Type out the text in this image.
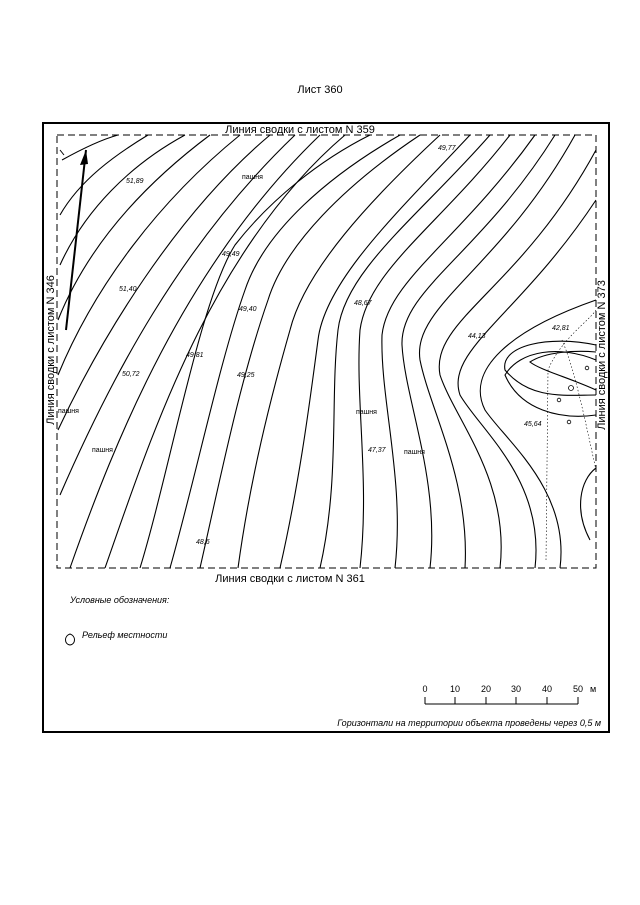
Лист 360
Линия сводки с листом N 359
Линия сводки с листом N 361
Линия сводки с листом N 346	Линия сводки с листом N 373
51,89
49,77
49,49
51,40
49,40
48,67
44,13
42,81
49,81
50,72	49,25
45,64
47,37
48,6
пашня
пашня
пашня
пашня
пашня
Условные обозначения:
Рельеф местности
0 10 20 30 40 50 м
Горизонтали на территории объекта проведены через 0,5 м
